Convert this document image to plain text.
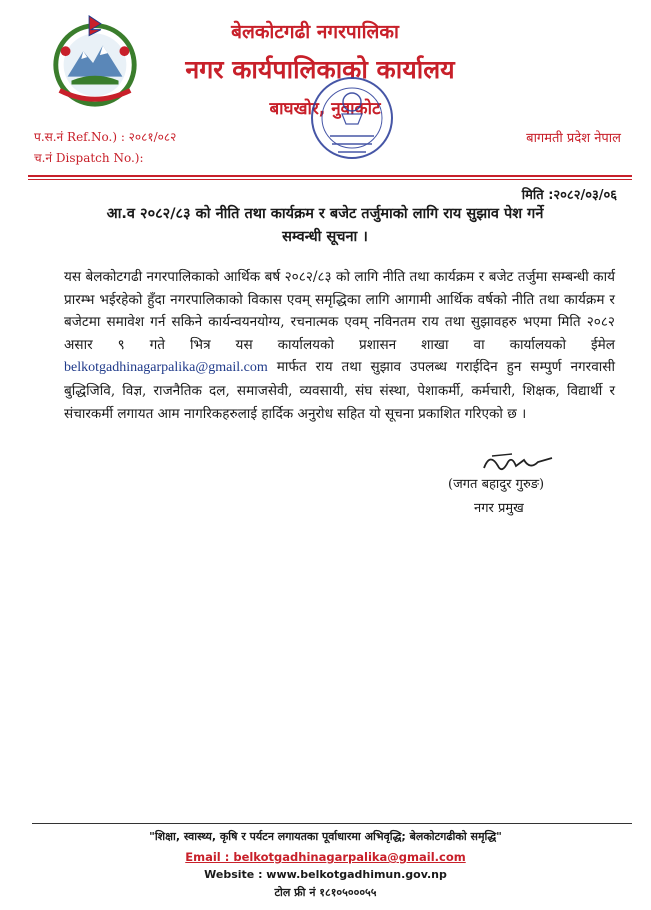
बेलकोटगढी नगरपालिका
नगर कार्यपालिकाको कार्यालय
बाघखोर, नुवाकोट
प.स.नं Ref.No.) : २०८१/०८२
च.नं Dispatch No.):
बागमती प्रदेश नेपाल
मिति :२०८२/०३/०६
आ.व २०८२/८३ को नीति तथा कार्यक्रम र बजेट तर्जुमाको लागि राय सुझाव पेश गर्ने
सम्वन्धी सूचना ।
यस बेलकोटगढी नगरपालिकाको आर्थिक बर्ष २०८२/८३ को लागि नीति तथा कार्यक्रम र बजेट तर्जुमा सम्बन्धी कार्य प्रारम्भ भईरहेको हुँदा नगरपालिकाको विकास एवम् समृद्धिका लागि आगामी आर्थिक वर्षको नीति तथा कार्यक्रम र बजेटमा समावेश गर्न सकिने कार्यन्वयनयोग्य, रचनात्मक एवम् नविनतम राय तथा सुझावहरु भएमा मिति २०८२ असार ९ गते भित्र यस कार्यालयको प्रशासन शाखा वा कार्यालयको ईमेल belkotgadhinagarpalika@gmail.com मार्फत राय तथा सुझाव उपलब्ध गराईदिन हुन सम्पुर्ण नगरवासी बुद्धिजिवि, विज्ञ, राजनैतिक दल, समाजसेवी, व्यवसायी, संघ संस्था, पेशाकर्मी, कर्मचारी, शिक्षक, विद्यार्थी र संचारकर्मी लगायत आम नागरिकहरुलाई हार्दिक अनुरोध सहित यो सूचना प्रकाशित गरिएको छ ।
(जगत बहादुर गुरुङ)
नगर प्रमुख
"शिक्षा, स्वास्थ्य, कृषि र पर्यटन लगायतका पूर्वाधारमा अभिवृद्धि; बेलकोटगढीको समृद्धि"
Email : belkotgadhinagarpalika@gmail.com
Website : www.belkotgadhimun.gov.np
टोल फ्री नं १८१०५०००५५
